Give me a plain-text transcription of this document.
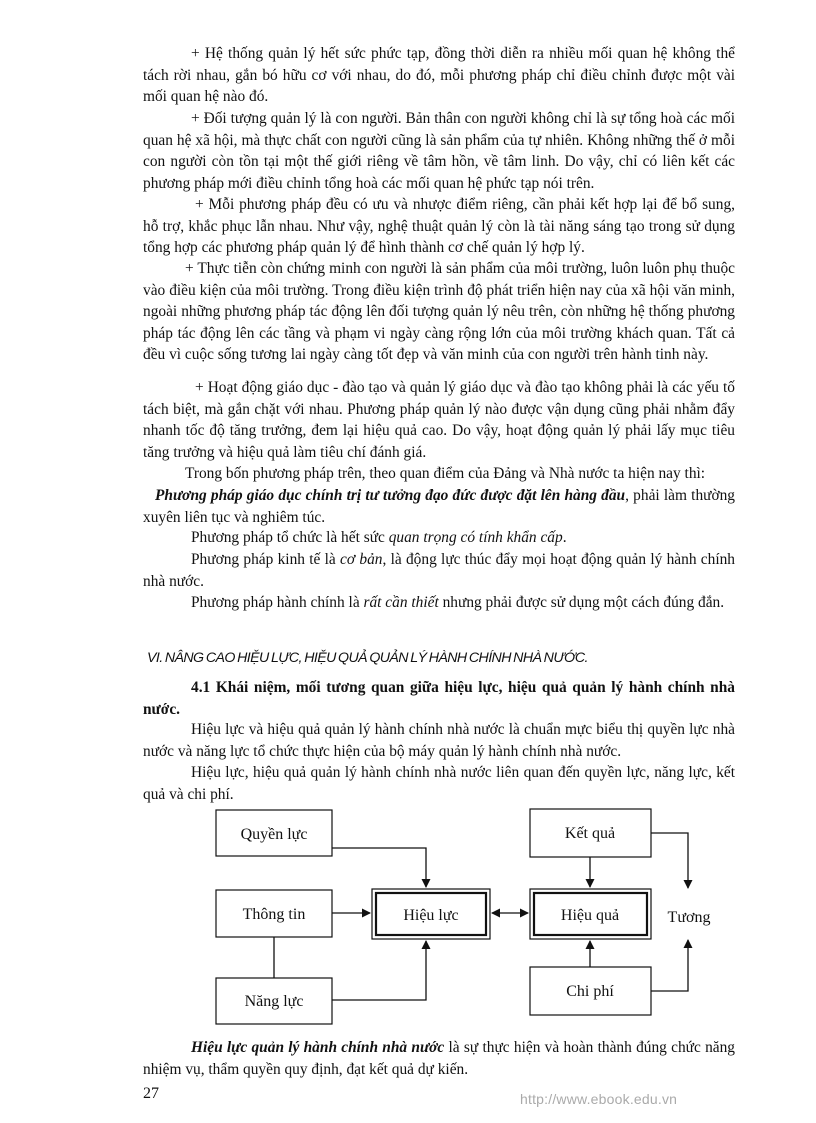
+ Hệ thống quản lý hết sức phức tạp, đồng thời diễn ra nhiều mối quan hệ không thể tách rời nhau, gắn bó hữu cơ với nhau, do đó, mỗi phương pháp chỉ điều chỉnh được một vài mối quan hệ nào đó.

+ Đối tượng quản lý là con người. Bản thân con người không chỉ là sự tổng hoà các mối quan hệ xã hội, mà thực chất con người cũng là sản phẩm của tự nhiên. Không những thế ở mỗi con người còn tồn tại một thế giới riêng về tâm hồn, về tâm linh. Do vậy, chỉ có liên kết các phương pháp mới điều chỉnh tổng hoà các mối quan hệ phức tạp nói trên.

+ Mỗi phương pháp đều có ưu và nhược điểm riêng, cần phải kết hợp lại để bổ sung, hỗ trợ, khắc phục lẫn nhau. Như vậy, nghệ thuật quản lý còn là tài năng sáng tạo trong sử dụng tổng hợp các phương pháp quản lý để hình thành cơ chế quản lý hợp lý.

+ Thực tiễn còn chứng minh con người là sản phẩm của môi trường, luôn luôn phụ thuộc vào điều kiện của môi trường. Trong điều kiện trình độ phát triển hiện nay của xã hội văn minh, ngoài những phương pháp tác động lên đối tượng quản lý nêu trên, còn những hệ thống phương pháp tác động lên các tầng và phạm vi ngày càng rộng lớn của môi trường khách quan. Tất cả đều vì cuộc sống tương lai ngày càng tốt đẹp và văn minh của con người trên hành tinh này.

+ Hoạt động giáo dục - đào tạo và quản lý giáo dục và đào tạo không phải là các yếu tố tách biệt, mà gắn chặt với nhau. Phương pháp quản lý nào được vận dụng cũng phải nhằm đẩy nhanh tốc độ tăng trưởng, đem lại hiệu quả cao. Do vậy, hoạt động quản lý phải lấy mục tiêu tăng trưởng và hiệu quả làm tiêu chí đánh giá.

Trong bốn phương pháp trên, theo quan điểm của Đảng và Nhà nước ta hiện nay thì:

Phương pháp giáo dục chính trị tư tưởng đạo đức được đặt lên hàng đầu, phải làm thường xuyên liên tục và nghiêm túc.

Phương pháp tổ chức là hết sức quan trọng có tính khẩn cấp.

Phương pháp kinh tế là cơ bản, là động lực thúc đẩy mọi hoạt động quản lý hành chính nhà nước.

Phương pháp hành chính là rất cần thiết nhưng phải được sử dụng một cách đúng đắn.

VI. NÂNG CAO HIỆU LỰC, HIỆU QUẢ QUẢN LÝ HÀNH CHÍNH NHÀ NƯỚC.

4.1 Khái niệm, mối tương quan giữa hiệu lực, hiệu quả quản lý hành chính nhà nước.

Hiệu lực và hiệu quả quản lý hành chính nhà nước là chuẩn mực biểu thị quyền lực nhà nước và năng lực tổ chức thực hiện của bộ máy quản lý hành chính nhà nước.

Hiệu lực, hiệu quả quản lý hành chính nhà nước liên quan đến quyền lực, năng lực, kết quả và chi phí.

Quyền lực
Thông tin
Năng lực
Hiệu lực	Hiệu quả
Kết quả
Chi phí
Tương

Hiệu lực quản lý hành chính nhà nước là sự thực hiện và hoàn thành đúng chức năng nhiệm vụ, thẩm quyền quy định, đạt kết quả dự kiến.

27	http://www.ebook.edu.vn
